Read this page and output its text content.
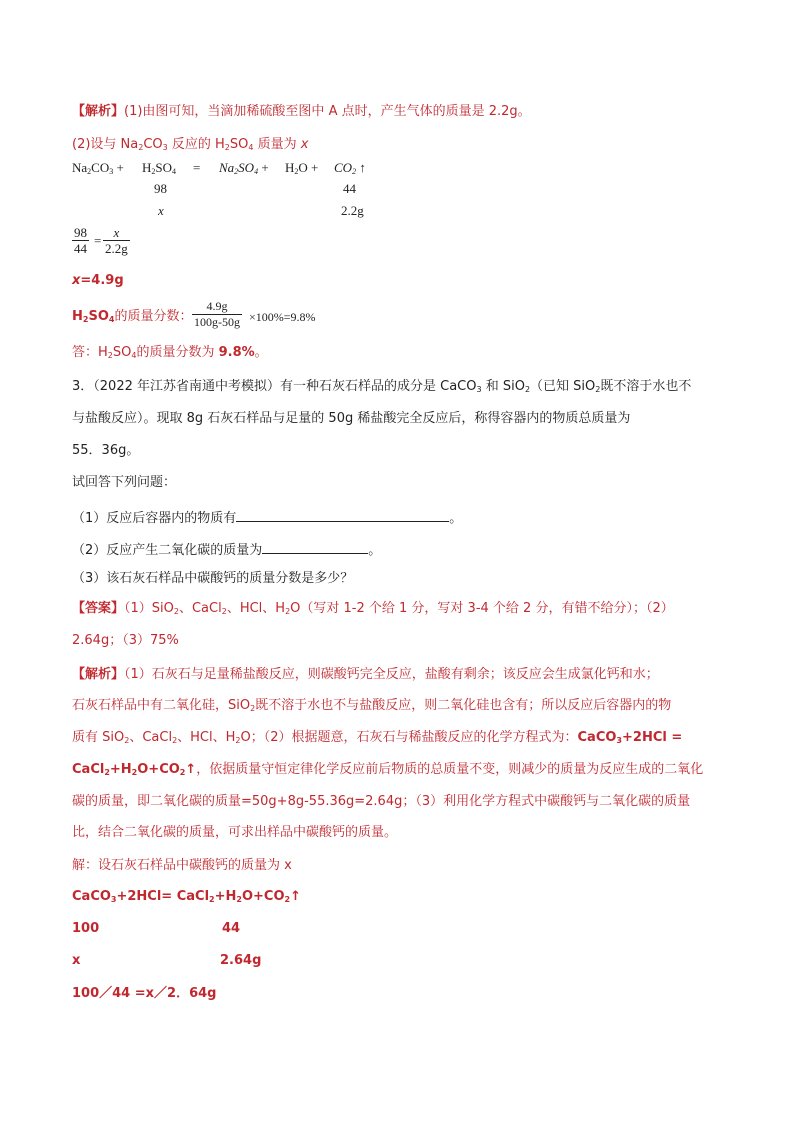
【解析】(1)由图可知，当滴加稀硫酸至图中 A 点时，产生气体的质量是 2.2g。
(2)设与 $Na_2CO_3$ 反应的 $H_2SO_4$ 质量为 x
$Na_2CO_3 + H_2SO_4 = Na_2SO_4 + H_2O + CO_2$ ↑
98	44
x	2.2g
98
44
=
x
2.2g
x=4.9g
$H_2SO_4$的质量分数：
4.9g
100g-50g ×100%=9.8%
答：$H_2SO_4$的质量分数为 9.8%。
3．（2022 年江苏省南通中考模拟）有一种石灰石样品的成分是 CaCO$_3$ 和 SiO$_2$（已知 SiO$_2$既不溶于水也不
与盐酸反应）。现取 8g 石灰石样品与足量的 50g 稀盐酸完全反应后，称得容器内的物质总质量为
55．36g。
试回答下列问题：
（1）反应后容器内的物质有	。
（2）反应产生二氧化碳的质量为	。
（3）该石灰石样品中碳酸钙的质量分数是多少？
【答案】（1）SiO$_2$、CaCl$_2$、HCl、$H_2O$（写对 1-2 个给 1 分，写对 3-4 个给 2 分，有错不给分）；（2）
2.64g；（3）75%
【解析】（1）石灰石与足量稀盐酸反应，则碳酸钙完全反应，盐酸有剩余；该反应会生成氯化钙和水；
石灰石样品中有二氧化硅，SiO$_2$既不溶于水也不与盐酸反应，则二氧化硅也含有；所以反应后容器内的物
质有 SiO$_2$、CaCl$_2$、HCl、$H_2O$；（2）根据题意，石灰石与稀盐酸反应的化学方程式为：CaCO$_3$+2HCl =
$CaCl_2+H_2O+CO_2↑$，依据质量守恒定律化学反应前后物质的总质量不变，则减少的质量为反应生成的二氧化
碳的质量，即二氧化碳的质量=50g+8g-55.36g=2.64g；（3）利用化学方程式中碳酸钙与二氧化碳的质量
比，结合二氧化碳的质量，可求出样品中碳酸钙的质量。
解：设石灰石样品中碳酸钙的质量为 x
CaCO$_3$+2HCl= $CaCl_2+H_2O+CO_2↑$
100	44
x	2.64g
100／44 =x／2．64g
